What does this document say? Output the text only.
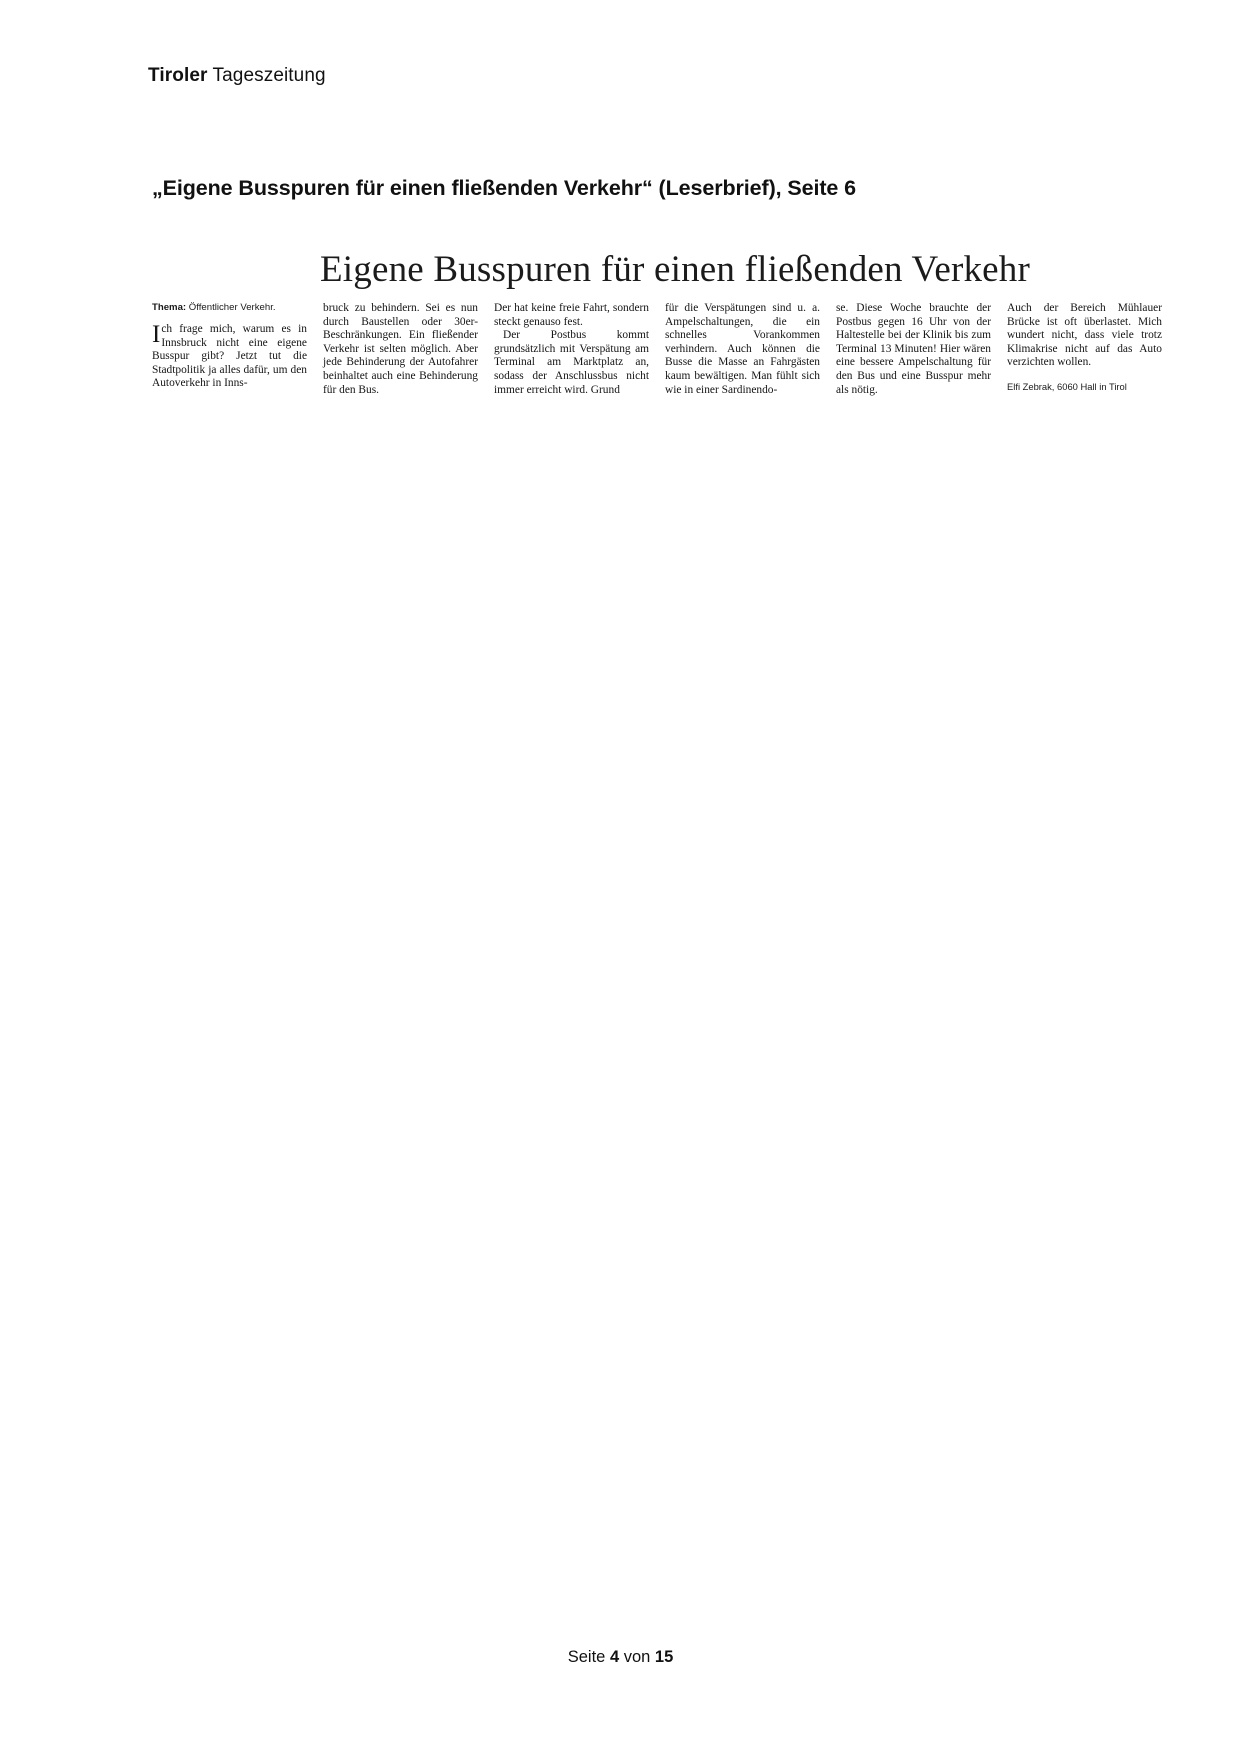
Tiroler Tageszeitung
„Eigene Busspuren für einen fließenden Verkehr“ (Leserbrief), Seite 6
Eigene Busspuren für einen fließenden Verkehr
Thema: Öffentlicher Verkehr.

Ich frage mich, warum es in Innsbruck nicht eine eigene Busspur gibt? Jetzt tut die Stadtpolitik ja alles dafür, um den Autoverkehr in Inns-

bruck zu behindern. Sei es nun durch Baustellen oder 30er-Beschränkungen. Ein fließender Verkehr ist selten möglich. Aber jede Behinderung der Autofahrer beinhaltet auch eine Behinderung für den Bus.

Der hat keine freie Fahrt, sondern steckt genauso fest.

Der Postbus kommt grundsätzlich mit Verspätung am Terminal am Marktplatz an, sodass der Anschlussbus nicht immer erreicht wird. Grund

für die Verspätungen sind u. a. Ampelschaltungen, die ein schnelles Vorankommen verhindern. Auch können die Busse die Masse an Fahrgästen kaum bewältigen. Man fühlt sich wie in einer Sardinendo-

se. Diese Woche brauchte der Postbus gegen 16 Uhr von der Haltestelle bei der Klinik bis zum Terminal 13 Minuten! Hier wären eine bessere Ampelschaltung für den Bus und eine Busspur mehr als nötig.

Auch der Bereich Mühlauer Brücke ist oft überlastet. Mich wundert nicht, dass viele trotz Klimakrise nicht auf das Auto verzichten wollen.

Elfi Zebrak, 6060 Hall in Tirol
Seite 4 von 15
